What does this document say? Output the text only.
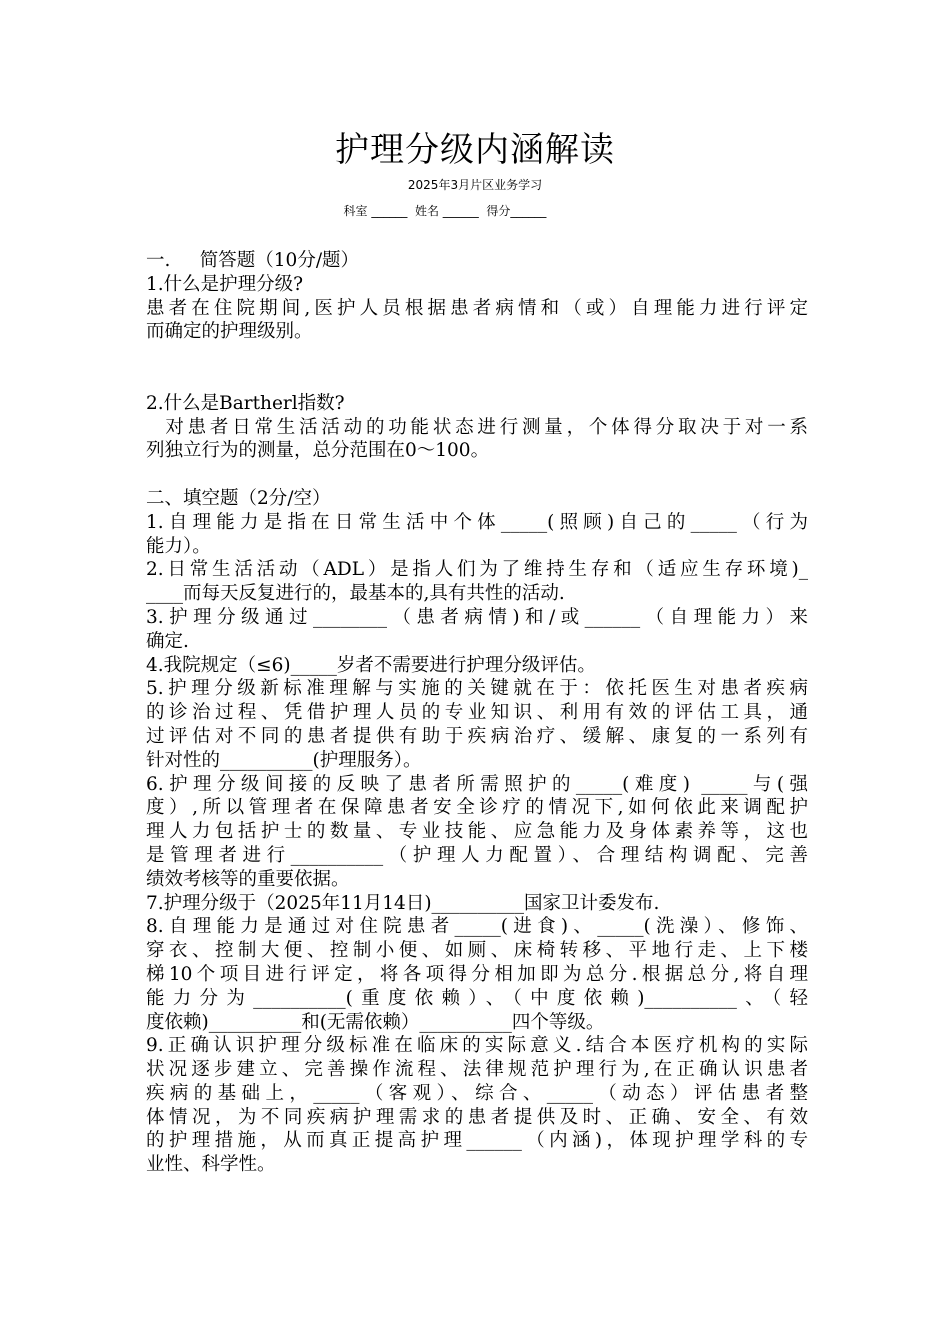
护理分级内涵解读
2025年3月片区业务学习
科室 ______  姓名 ______  得分______
一.     简答题（10分/题）
1.什么是护理分级?
患者在住院期间,医护人员根据患者病情和（或）自理能力进行评定
而确定的护理级别。
2.什么是Bartherl指数?
对患者日常生活活动的功能状态进行测量，个体得分取决于对一系
列独立行为的测量，总分范围在0～100。
二、填空题（2分/空）
1.自理能力是指在日常生活中个体_____(照顾)自己的_____（行为
能力）。
2.日常生活活动（ADL）是指人们为了维持生存和（适应生存环境)_
____而每天反复进行的，最基本的,具有共性的活动.
3.护理分级通过________（患者病情)和/或______（自理能力）来
确定.
4.我院规定（≤6)_____岁者不需要进行护理分级评估。
5.护理分级新标准理解与实施的关键就在于：依托医生对患者疾病
的诊治过程、凭借护理人员的专业知识、利用有效的评估工具，通
过评估对不同的患者提供有助于疾病治疗、缓解、康复的一系列有
针对性的__________(护理服务）。
6.护理分级间接的反映了患者所需照护的_____(难度) _____与(强
度）,所以管理者在保障患者安全诊疗的情况下,如何依此来调配护
理人力包括护士的数量、专业技能、应急能力及身体素养等，这也
是管理者进行__________（护理人力配置）、合理结构调配、完善
绩效考核等的重要依据。
7.护理分级于（2025年11月14日)__________国家卫计委发布.
8.自理能力是通过对住院患者_____(进食)、_____(洗澡）、修饰、
穿衣、控制大便、控制小便、如厕、床椅转移、平地行走、上下楼
梯10个项目进行评定，将各项得分相加即为总分.根据总分,将自理
能力分为__________(重度依赖）、（中度依赖)__________、（轻
度依赖)__________和(无需依赖）__________四个等级。
9.正确认识护理分级标准在临床的实际意义.结合本医疗机构的实际
状况逐步建立、完善操作流程、法律规范护理行为,在正确认识患者
疾病的基础上，_____（客观）、综合、_____（动态）评估患者整
体情况，为不同疾病护理需求的患者提供及时、正确、安全、有效
的护理措施，从而真正提高护理______（内涵)，体现护理学科的专
业性、科学性。
